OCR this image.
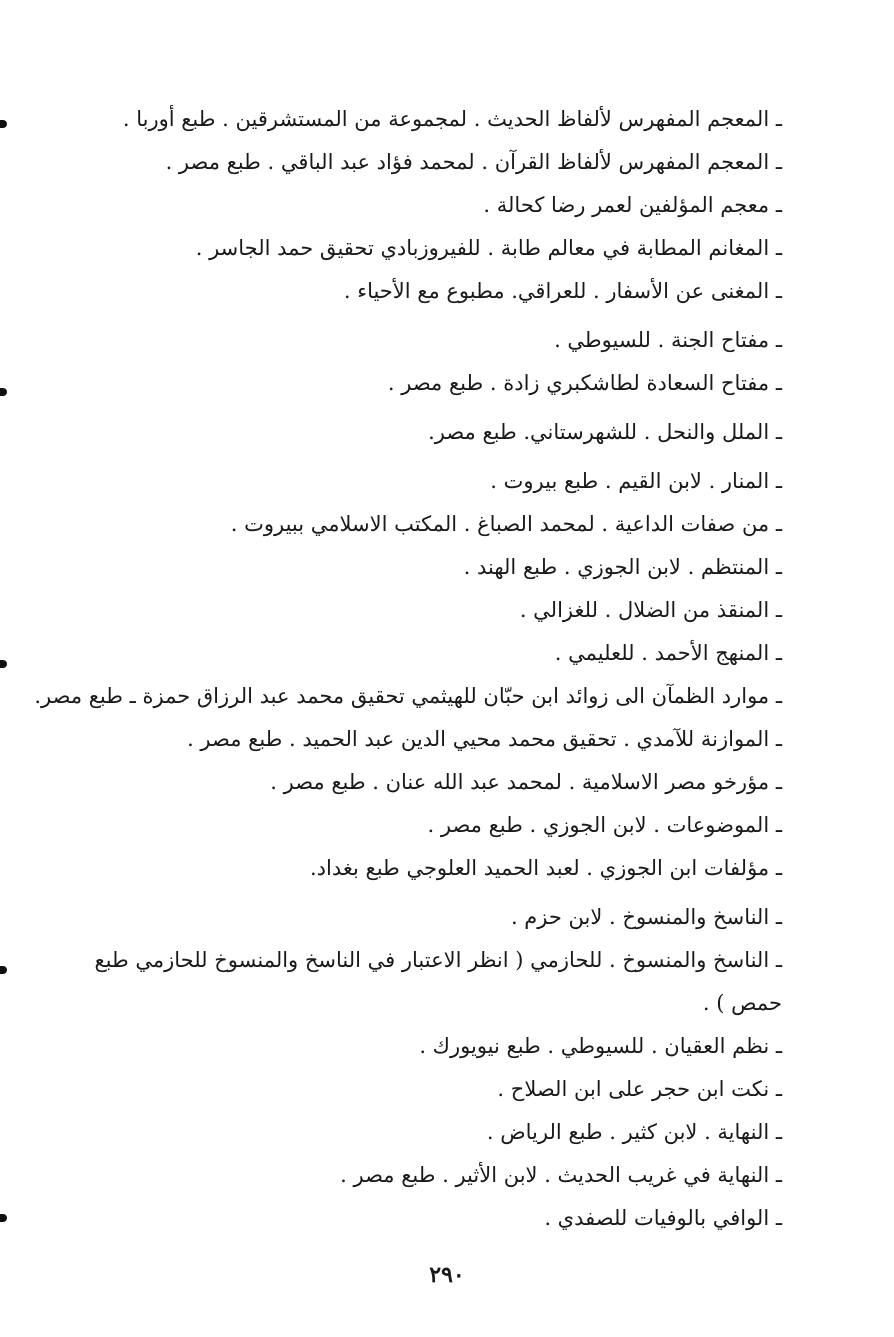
ـ المعجم المفهرس لألفاظ الحديث . لمجموعة من المستشرقين . طبع أوربا .
ـ المعجم المفهرس لألفاظ القرآن . لمحمد فؤاد عبد الباقي . طبع مصر .
ـ معجم المؤلفين لعمر رضا كحالة .
ـ المغانم المطابة في معالم طابة . للفيروزبادي تحقيق حمد الجاسر .
ـ المغنى عن الأسفار . للعراقي. مطبوع مع الأحياء .
ـ مفتاح الجنة . للسيوطي .
ـ مفتاح السعادة لطاشكبري زادة . طبع مصر .
ـ الملل والنحل . للشهرستاني. طبع مصر.
ـ المنار . لابن القيم . طبع بيروت .
ـ من صفات الداعية . لمحمد الصباغ . المكتب الاسلامي ببيروت .
ـ المنتظم . لابن الجوزي . طبع الهند .
ـ المنقذ من الضلال . للغزالي .
ـ المنهج الأحمد . للعليمي .
ـ موارد الظمآن الى زوائد ابن حبّان للهيثمي تحقيق محمد عبد الرزاق حمزة ـ طبع مصر.
ـ الموازنة للآمدي . تحقيق محمد محيي الدين عبد الحميد . طبع مصر .
ـ مؤرخو مصر الاسلامية . لمحمد عبد الله عنان . طبع مصر .
ـ الموضوعات . لابن الجوزي . طبع مصر .
ـ مؤلفات ابن الجوزي . لعبد الحميد العلوجي طبع بغداد.
ـ الناسخ والمنسوخ . لابن حزم .
ـ الناسخ والمنسوخ . للحازمي ( انظر الاعتبار في الناسخ والمنسوخ للحازمي طبع حمص ) .
ـ نظم العقيان . للسيوطي . طبع نيويورك .
ـ نكت ابن حجر على ابن الصلاح .
ـ النهاية . لابن كثير . طبع الرياض .
ـ النهاية في غريب الحديث . لابن الأثير . طبع مصر .
ـ الوافي بالوفيات للصفدي .
٢٩٠
